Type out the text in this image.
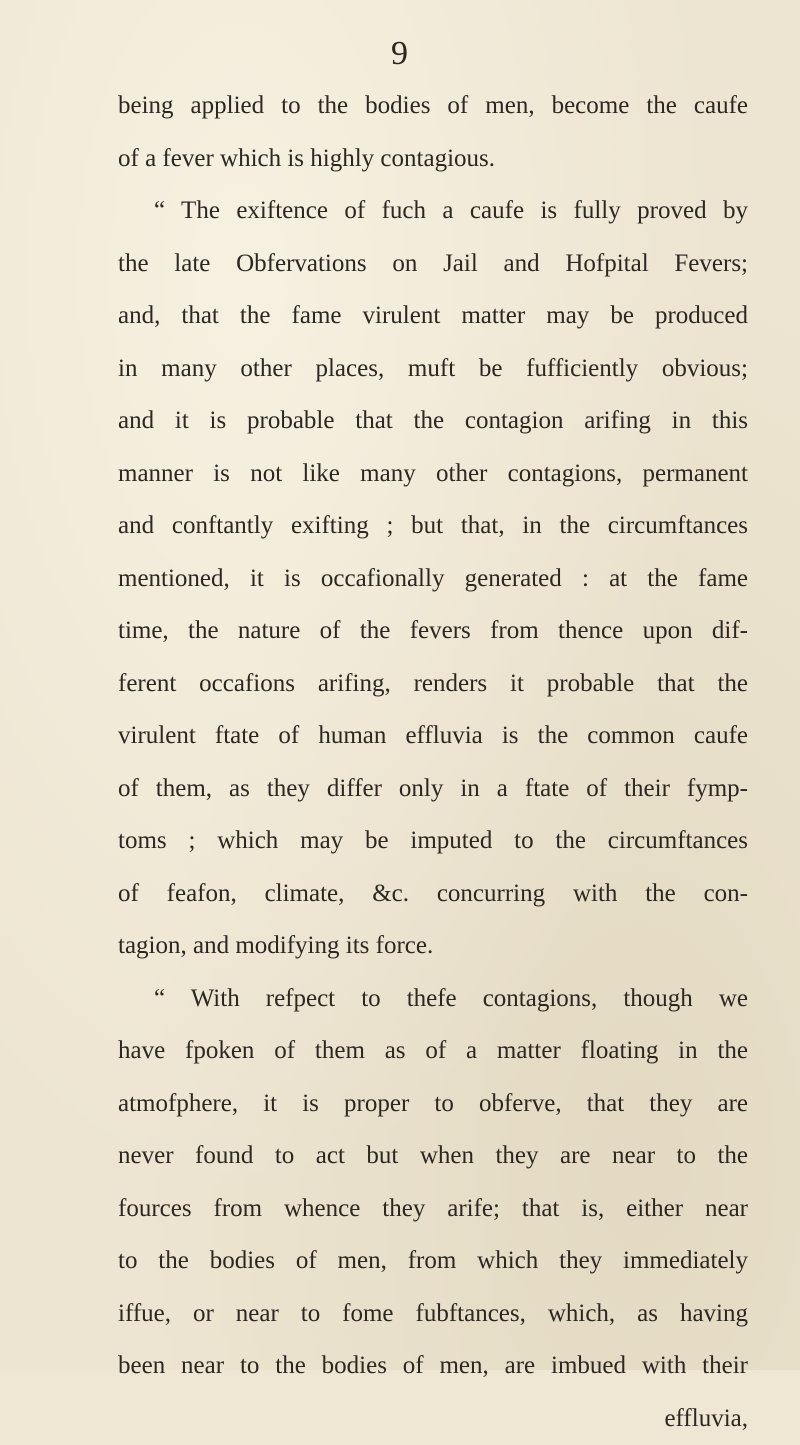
9
being applied to the bodies of men, become the caufe
of a fever which is highly contagious.
“ The exiftence of fuch a caufe is fully proved by
the late Obfervations on Jail and Hofpital Fevers;
and, that the fame virulent matter may be produced
in many other places, muft be fufficiently obvious;
and it is probable that the contagion arifing in this
manner is not like many other contagions, permanent
and conftantly exifting ; but that, in the circumftances
mentioned, it is occafionally generated : at the fame
time, the nature of the fevers from thence upon dif-
ferent occafions arifing, renders it probable that the
virulent ftate of human effluvia is the common caufe
of them, as they differ only in a ftate of their fymp-
toms ; which may be imputed to the circumftances
of feafon, climate, &c. concurring with the con-
tagion, and modifying its force.
“ With refpect to thefe contagions, though we
have fpoken of them as of a matter floating in the
atmofphere, it is proper to obferve, that they are
never found to act but when they are near to the
fources from whence they arife; that is, either near
to the bodies of men, from which they immediately
iffue, or near to fome fubftances, which, as having
been near to the bodies of men, are imbued with their
effluvia,
